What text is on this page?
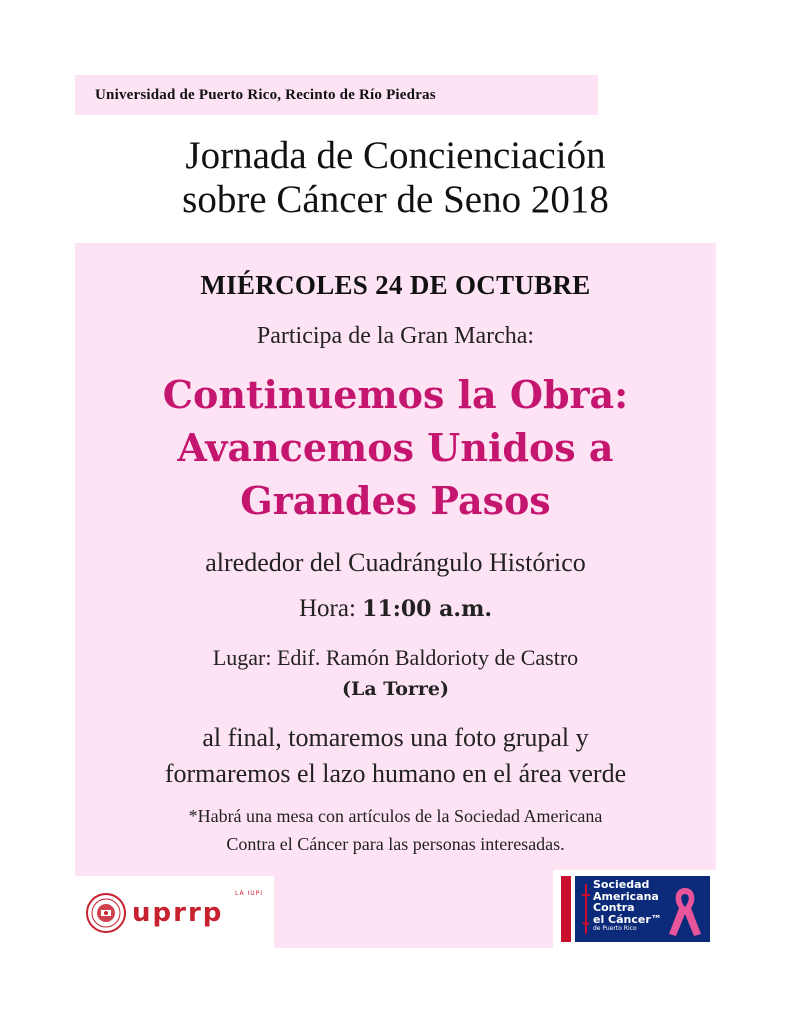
Universidad de Puerto Rico, Recinto de Río Piedras
Jornada de Concienciación
sobre Cáncer de Seno 2018
MIÉRCOLES 24 DE OCTUBRE
Participa de la Gran Marcha:
Continuemos la Obra:
Avancemos Unidos a
Grandes Pasos
alrededor del Cuadrángulo Histórico
Hora: 11:00 a.m.
Lugar: Edif. Ramón Baldorioty de Castro
(La Torre)
al final, tomaremos una foto grupal y
formaremos el lazo humano en el área verde
*Habrá una mesa con artículos de la Sociedad Americana
Contra el Cáncer para las personas interesadas.
LA IUPI
uprrp
Sociedad
Americana
Contra
el Cáncer™
de Puerto Rico
